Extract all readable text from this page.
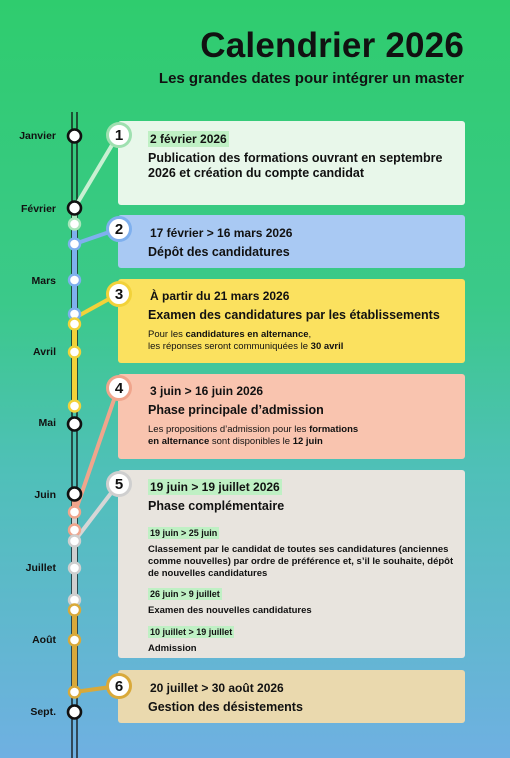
Calendrier 2026
Les grandes dates pour intégrer un master
Janvier
Février
Mars
Avril
Mai
Juin
Juillet
Août
Sept.
2 février 2026
Publication des formations ouvrant en septembre 2026 et création du compte candidat
1
17 février > 16 mars 2026
Dépôt des candidatures
2
À partir du 21 mars 2026
Examen des candidatures par les établissements
Pour les candidatures en alternance,
les réponses seront communiquées le 30 avril
3
3 juin > 16 juin 2026
Phase principale d’admission
Les propositions d’admission pour les formations
en alternance sont disponibles le 12 juin
4
19 juin > 19 juillet 2026
Phase complémentaire
19 juin > 25 juin
Classement par le candidat de toutes ses candidatures (anciennes comme nouvelles) par ordre de préférence et, s’il le souhaite, dépôt de nouvelles candidatures
26 juin > 9 juillet
Examen des nouvelles candidatures
10 juillet > 19 juillet
Admission
5
20 juillet > 30 août 2026
Gestion des désistements
6
